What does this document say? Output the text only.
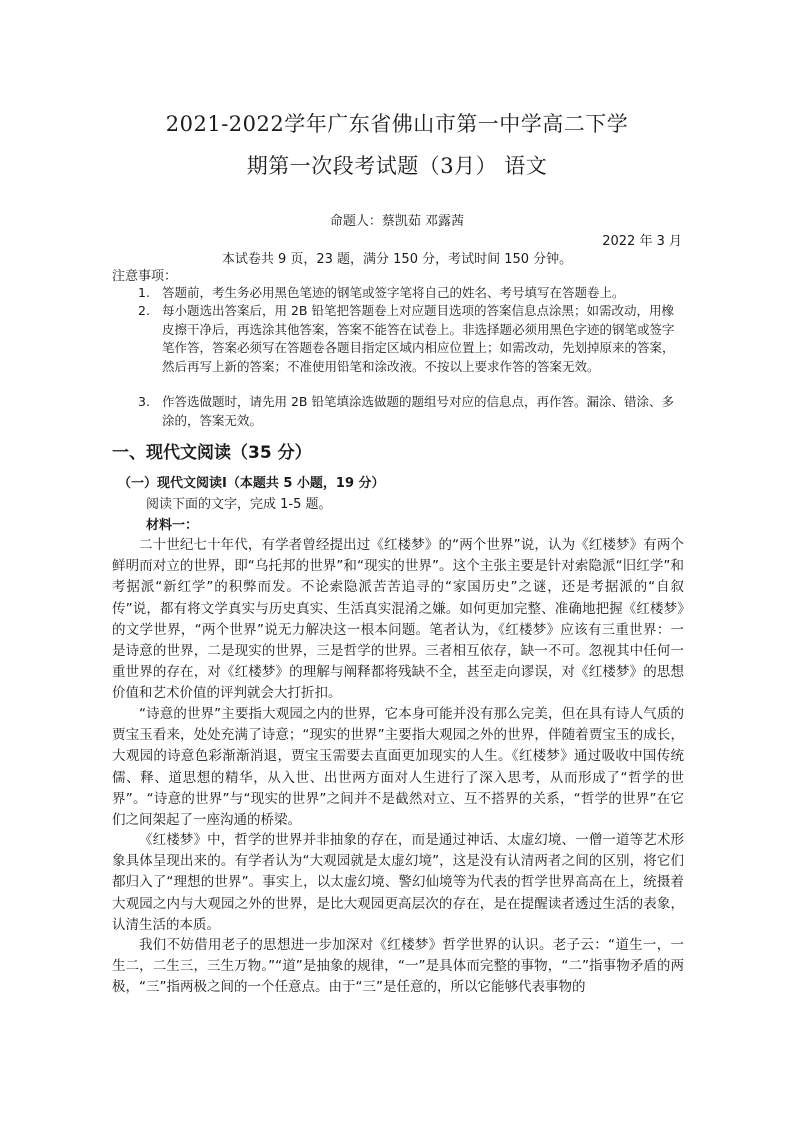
2021-2022学年广东省佛山市第一中学高二下学
期第一次段考试题（3月） 语文
命题人：蔡凯茹 邓露茜
2022 年 3 月
本试卷共 9 页，23 题，满分 150 分，考试时间 150 分钟。
注意事项：
1. 答题前，考生务必用黑色笔迹的钢笔或签字笔将自己的姓名、考号填写在答题卷上。
2. 每小题选出答案后，用 2B 铅笔把答题卷上对应题目选项的答案信息点涂黑；如需改动，用橡皮擦干净后，再选涂其他答案，答案不能答在试卷上。非选择题必须用黑色字迹的钢笔或签字笔作答，答案必须写在答题卷各题目指定区域内相应位置上；如需改动，先划掉原来的答案，然后再写上新的答案；不准使用铅笔和涂改液。不按以上要求作答的答案无效。
3. 作答选做题时，请先用 2B 铅笔填涂选做题的题组号对应的信息点，再作答。漏涂、错涂、多涂的，答案无效。
一、现代文阅读（35 分）
（一）现代文阅读Ⅰ（本题共 5 小题，19 分）
阅读下面的文字，完成 1-5 题。
材料一：
二十世纪七十年代，有学者曾经提出过《红楼梦》的“两个世界”说，认为《红楼梦》有两个鲜明而对立的世界，即“乌托邦的世界”和“现实的世界”。这个主张主要是针对索隐派“旧红学”和考据派“新红学”的积弊而发。不论索隐派苦苦追寻的“家国历史”之谜，还是考据派的“自叙传”说，都有将文学真实与历史真实、生活真实混淆之嫌。如何更加完整、准确地把握《红楼梦》的文学世界，“两个世界”说无力解决这一根本问题。笔者认为，《红楼梦》应该有三重世界：一是诗意的世界，二是现实的世界，三是哲学的世界。三者相互依存，缺一不可。忽视其中任何一重世界的存在，对《红楼梦》的理解与阐释都将残缺不全，甚至走向谬误，对《红楼梦》的思想价值和艺术价值的评判就会大打折扣。
“诗意的世界”主要指大观园之内的世界，它本身可能并没有那么完美，但在具有诗人气质的贾宝玉看来，处处充满了诗意；“现实的世界”主要指大观园之外的世界，伴随着贾宝玉的成长，大观园的诗意色彩渐渐消退，贾宝玉需要去直面更加现实的人生。《红楼梦》通过吸收中国传统儒、释、道思想的精华，从入世、出世两方面对人生进行了深入思考，从而形成了“哲学的世界”。“诗意的世界”与“现实的世界”之间并不是截然对立、互不搭界的关系，“哲学的世界”在它们之间架起了一座沟通的桥梁。
《红楼梦》中，哲学的世界并非抽象的存在，而是通过神话、太虚幻境、一僧一道等艺术形象具体呈现出来的。有学者认为“大观园就是太虚幻境”，这是没有认清两者之间的区别，将它们都归入了“理想的世界”。事实上，以太虚幻境、警幻仙境等为代表的哲学世界高高在上，统摄着大观园之内与大观园之外的世界，是比大观园更高层次的存在，是在提醒读者透过生活的表象，认清生活的本质。
我们不妨借用老子的思想进一步加深对《红楼梦》哲学世界的认识。老子云：“道生一，一生二，二生三，三生万物。”“道”是抽象的规律，“一”是具体而完整的事物，“二”指事物矛盾的两极，“三”指两极之间的一个任意点。由于“三”是任意的，所以它能够代表事物的
